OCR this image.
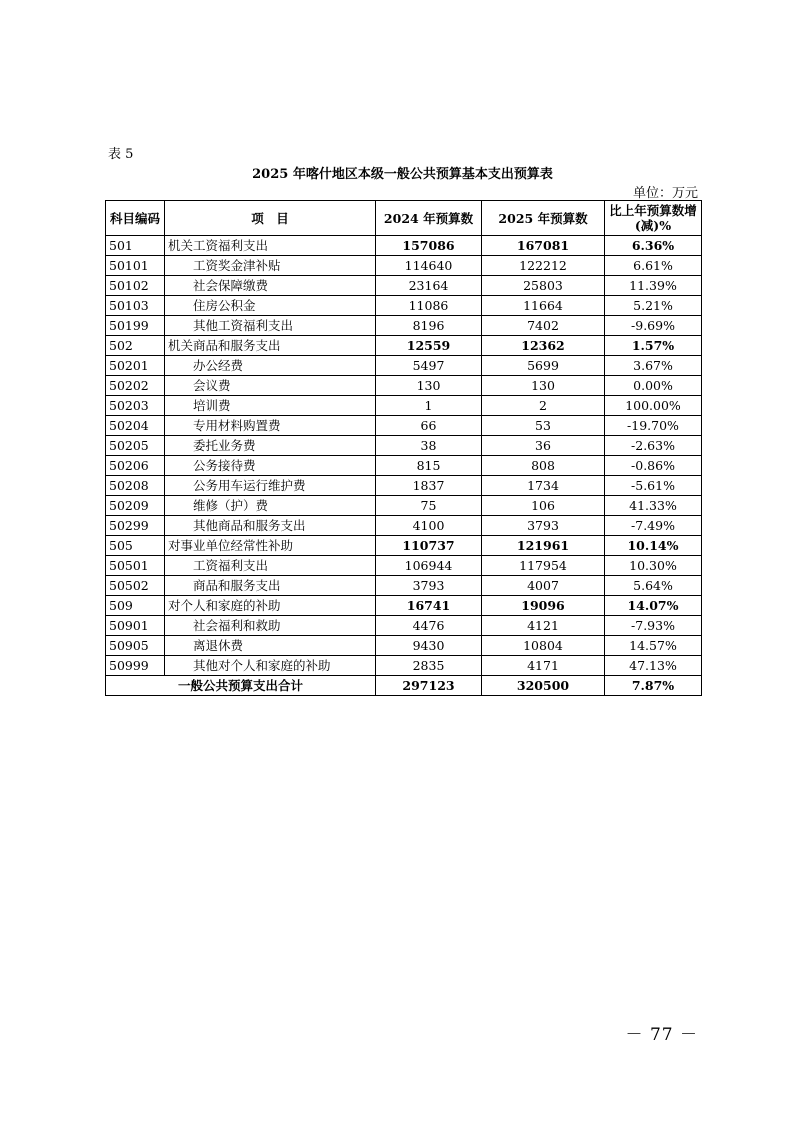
表 5
2025 年喀什地区本级一般公共预算基本支出预算表
单位：万元
科目编码	项　目	2024 年预算数	2025 年预算数	比上年预算数增(减)%
501	机关工资福利支出	157086	167081	6.36%
50101	工资奖金津补贴	114640	122212	6.61%
50102	社会保障缴费	23164	25803	11.39%
50103	住房公积金	11086	11664	5.21%
50199	其他工资福利支出	8196	7402	-9.69%
502	机关商品和服务支出	12559	12362	1.57%
50201	办公经费	5497	5699	3.67%
50202	会议费	130	130	0.00%
50203	培训费	1	2	100.00%
50204	专用材料购置费	66	53	-19.70%
50205	委托业务费	38	36	-2.63%
50206	公务接待费	815	808	-0.86%
50208	公务用车运行维护费	1837	1734	-5.61%
50209	维修（护）费	75	106	41.33%
50299	其他商品和服务支出	4100	3793	-7.49%
505	对事业单位经常性补助	110737	121961	10.14%
50501	工资福利支出	106944	117954	10.30%
50502	商品和服务支出	3793	4007	5.64%
509	对个人和家庭的补助	16741	19096	14.07%
50901	社会福利和救助	4476	4121	-7.93%
50905	离退休费	9430	10804	14.57%
50999	其他对个人和家庭的补助	2835	4171	47.13%
一般公共预算支出合计		297123	320500	7.87%
－ 77 －
